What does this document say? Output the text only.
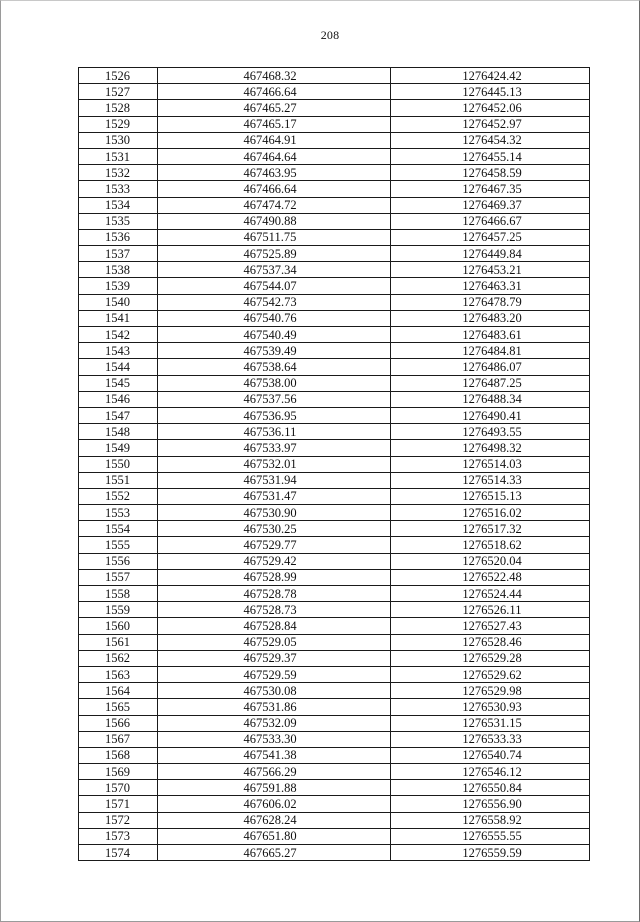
208
1526	467468.32	1276424.42
1527	467466.64	1276445.13
1528	467465.27	1276452.06
1529	467465.17	1276452.97
1530	467464.91	1276454.32
1531	467464.64	1276455.14
1532	467463.95	1276458.59
1533	467466.64	1276467.35
1534	467474.72	1276469.37
1535	467490.88	1276466.67
1536	467511.75	1276457.25
1537	467525.89	1276449.84
1538	467537.34	1276453.21
1539	467544.07	1276463.31
1540	467542.73	1276478.79
1541	467540.76	1276483.20
1542	467540.49	1276483.61
1543	467539.49	1276484.81
1544	467538.64	1276486.07
1545	467538.00	1276487.25
1546	467537.56	1276488.34
1547	467536.95	1276490.41
1548	467536.11	1276493.55
1549	467533.97	1276498.32
1550	467532.01	1276514.03
1551	467531.94	1276514.33
1552	467531.47	1276515.13
1553	467530.90	1276516.02
1554	467530.25	1276517.32
1555	467529.77	1276518.62
1556	467529.42	1276520.04
1557	467528.99	1276522.48
1558	467528.78	1276524.44
1559	467528.73	1276526.11
1560	467528.84	1276527.43
1561	467529.05	1276528.46
1562	467529.37	1276529.28
1563	467529.59	1276529.62
1564	467530.08	1276529.98
1565	467531.86	1276530.93
1566	467532.09	1276531.15
1567	467533.30	1276533.33
1568	467541.38	1276540.74
1569	467566.29	1276546.12
1570	467591.88	1276550.84
1571	467606.02	1276556.90
1572	467628.24	1276558.92
1573	467651.80	1276555.55
1574	467665.27	1276559.59
